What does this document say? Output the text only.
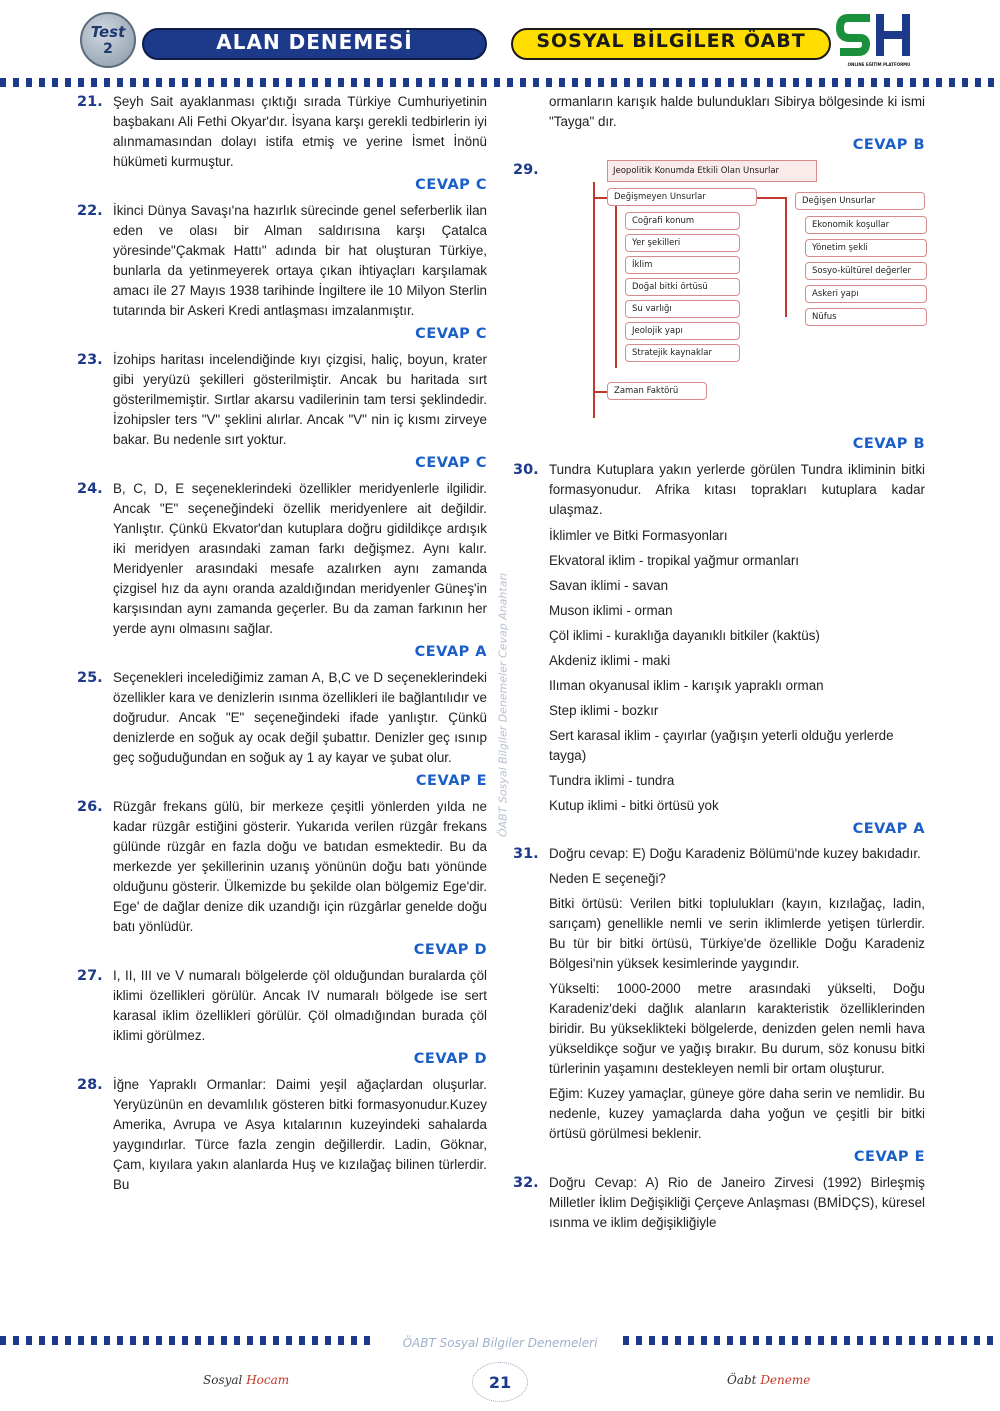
Test
2	ALAN DENEMESİ	SOSYAL BİLGİLER ÖABT
ONLINE EĞİTİM PLATFORMU
21. Şeyh Sait ayaklanması çıktığı sırada Türkiye Cumhuriyetinin başbakanı Ali Fethi Okyar'dır. İsyana karşı gerekli tedbirlerin iyi alınmamasından dolayı istifa etmiş ve yerine İsmet İnönü hükümeti kurmuştur.

CEVAP C
22. İkinci Dünya Savaşı'na hazırlık sürecinde genel seferberlik ilan eden ve olası bir Alman saldırısına karşı Çatalca yöresinde"Çakmak Hattı" adında bir hat oluşturan Türkiye, bunlarla da yetinmeyerek ortaya çıkan ihtiyaçları karşılamak amacı ile 27 Mayıs 1938 tarihinde İngiltere ile 10 Milyon Sterlin tutarında bir Askeri Kredi antlaşması imzalanmıştır.

CEVAP C
23. İzohips haritası incelendiğinde kıyı çizgisi, haliç, boyun, krater gibi yeryüzü şekilleri gösterilmiştir. Ancak bu haritada sırt gösterilmemiştir. Sırtlar akarsu vadilerinin tam tersi şeklindedir. İzohipsler ters "V" şeklini alırlar. Ancak "V" nin iç kısmı zirveye bakar. Bu nedenle sırt yoktur.

CEVAP C
24. B, C, D, E seçeneklerindeki özellikler meridyenlerle ilgilidir. Ancak "E" seçeneğindeki özellik meridyenlere ait değildir. Yanlıştır. Çünkü Ekvator'dan kutuplara doğru gidildikçe ardışık iki meridyen arasındaki zaman farkı değişmez. Aynı kalır. Meridyenler arasındaki mesafe azalırken aynı zamanda çizgisel hız da aynı oranda azaldığından meridyenler Güneş'in karşısından aynı zamanda geçerler. Bu da zaman farkının her yerde aynı olmasını sağlar.

CEVAP A
25. Seçenekleri incelediğimiz zaman A, B,C ve D seçeneklerindeki özellikler kara ve denizlerin ısınma özellikleri ile bağlantılıdır ve doğrudur. Ancak "E" seçeneğindeki ifade yanlıştır. Çünkü denizlerde en soğuk ay ocak değil şubattır. Denizler geç ısınıp geç soğuduğundan en soğuk ay 1 ay kayar ve şubat olur.

CEVAP E
26. Rüzgâr frekans gülü, bir merkeze çeşitli yönlerden yılda ne kadar rüzgâr estiğini gösterir. Yukarıda verilen rüzgâr frekans gülünde rüzgâr en fazla doğu ve batıdan esmektedir. Bu da merkezde yer şekillerinin uzanış yönünün doğu batı yönünde olduğunu gösterir. Ülkemizde bu şekilde olan bölgemiz Ege'dir. Ege' de dağlar denize dik uzandığı için rüzgârlar genelde doğu batı yönlüdür.

CEVAP D
27. I, II, III ve V numaralı bölgelerde çöl olduğundan buralarda çöl iklimi özellikleri görülür. Ancak IV numaralı bölgede ise sert karasal iklim özellikleri görülür. Çöl olmadığından burada çöl iklimi görülmez.

CEVAP D
28. İğne Yapraklı Ormanlar: Daimi yeşil ağaçlardan oluşurlar. Yeryüzünün en devamlılık gösteren bitki formasyonudur.Kuzey Amerika, Avrupa ve Asya kıtalarının kuzeyindeki sahalarda yaygındırlar. Türce fazla zengin değillerdir. Ladin, Göknar, Çam, kıyılara yakın alanlarda Huş ve kızılağaç bilinen türlerdir. Bu

ÖABT Sosyal Bilgiler Denemeler Cevap Anahtarı

ormanların karışık halde bulundukları Sibirya bölgesinde ki ismi "Tayga" dır.

CEVAP B
29.	Jeopolitik Konumda Etkili Olan Unsurlar
Değişmeyen Unsurlar
Coğrafi konum
Yer şekilleri
İklim
Doğal bitki örtüsü
Su varlığı
Jeolojik yapı
Stratejik kaynaklar
Zaman Faktörü
Değişen Unsurlar
Ekonomik koşullar
Yönetim şekli
Sosyo-kültürel değerler
Askeri yapı
Nüfus
CEVAP B
30. Tundra Kutuplara yakın yerlerde görülen Tundra ikliminin bitki formasyonudur. Afrika kıtası toprakları kutuplara kadar ulaşmaz.

İklimler ve Bitki Formasyonları
Ekvatoral iklim - tropikal yağmur ormanları
Savan iklimi - savan
Muson iklimi - orman
Çöl iklimi - kuraklığa dayanıklı bitkiler (kaktüs)
Akdeniz iklimi - maki
Ilıman okyanusal iklim - karışık yapraklı orman
Step iklimi - bozkır
Sert karasal iklim - çayırlar (yağışın yeterli olduğu yerlerde tayga)
Tundra iklimi - tundra
Kutup iklimi - bitki örtüsü yok
CEVAP A
31. Doğru cevap: E) Doğu Karadeniz Bölümü'nde kuzey bakıdadır.

Neden E seçeneği?

Bitki örtüsü: Verilen bitki toplulukları (kayın, kızılağaç, ladin, sarıçam) genellikle nemli ve serin iklimlerde yetişen türlerdir. Bu tür bir bitki örtüsü, Türkiye'de özellikle Doğu Karadeniz Bölgesi'nin yüksek kesimlerinde yaygındır.

Yükselti: 1000-2000 metre arasındaki yükselti, Doğu Karadeniz'deki dağlık alanların karakteristik özelliklerinden biridir. Bu yükseklikteki bölgelerde, denizden gelen nemli hava yükseldikçe soğur ve yağış bırakır. Bu durum, söz konusu bitki türlerinin yaşamını destekleyen nemli bir ortam oluşturur.

Eğim: Kuzey yamaçlar, güneye göre daha serin ve nemlidir. Bu nedenle, kuzey yamaçlarda daha yoğun ve çeşitli bir bitki örtüsü görülmesi beklenir.

CEVAP E
32. Doğru Cevap: A) Rio de Janeiro Zirvesi (1992) Birleşmiş Milletler İklim Değişikliği Çerçeve Anlaşması (BMİDÇS), küresel ısınma ve iklim değişikliğiyle

ÖABT Sosyal Bilgiler Denemeleri
Sosyal Hocam	21	Öabt Deneme
